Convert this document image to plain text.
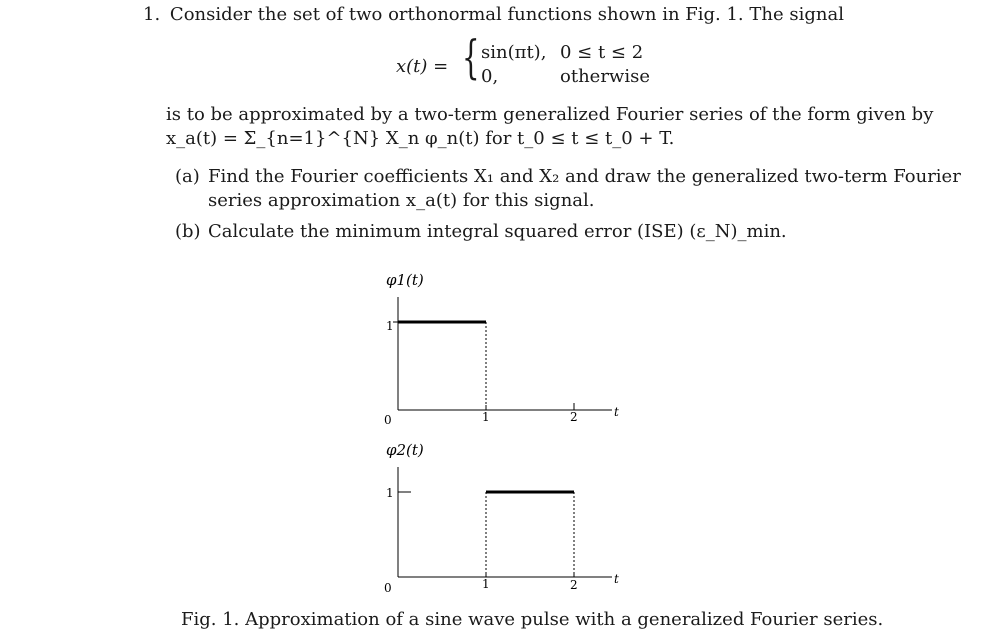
1. Consider the set of two orthonormal functions shown in Fig. 1. The signal
x(t) = { sin(πt), 0 ≤ t ≤ 2
0,	otherwise
is to be approximated by a two-term generalized Fourier series of the form given by
x_a(t) = Σ_{n=1}^{N} X_n φ_n(t) for t_0 ≤ t ≤ t_0 + T.
(a) Find the Fourier coefficients X₁ and X₂ and draw the generalized two-term Fourier
series approximation x_a(t) for this signal.
(b) Calculate the minimum integral squared error (ISE) (ε_N)_min.
φ1(t)
1
0	1	2	t
φ2(t)
1
0	1	2	t
Fig. 1. Approximation of a sine wave pulse with a generalized Fourier series.
